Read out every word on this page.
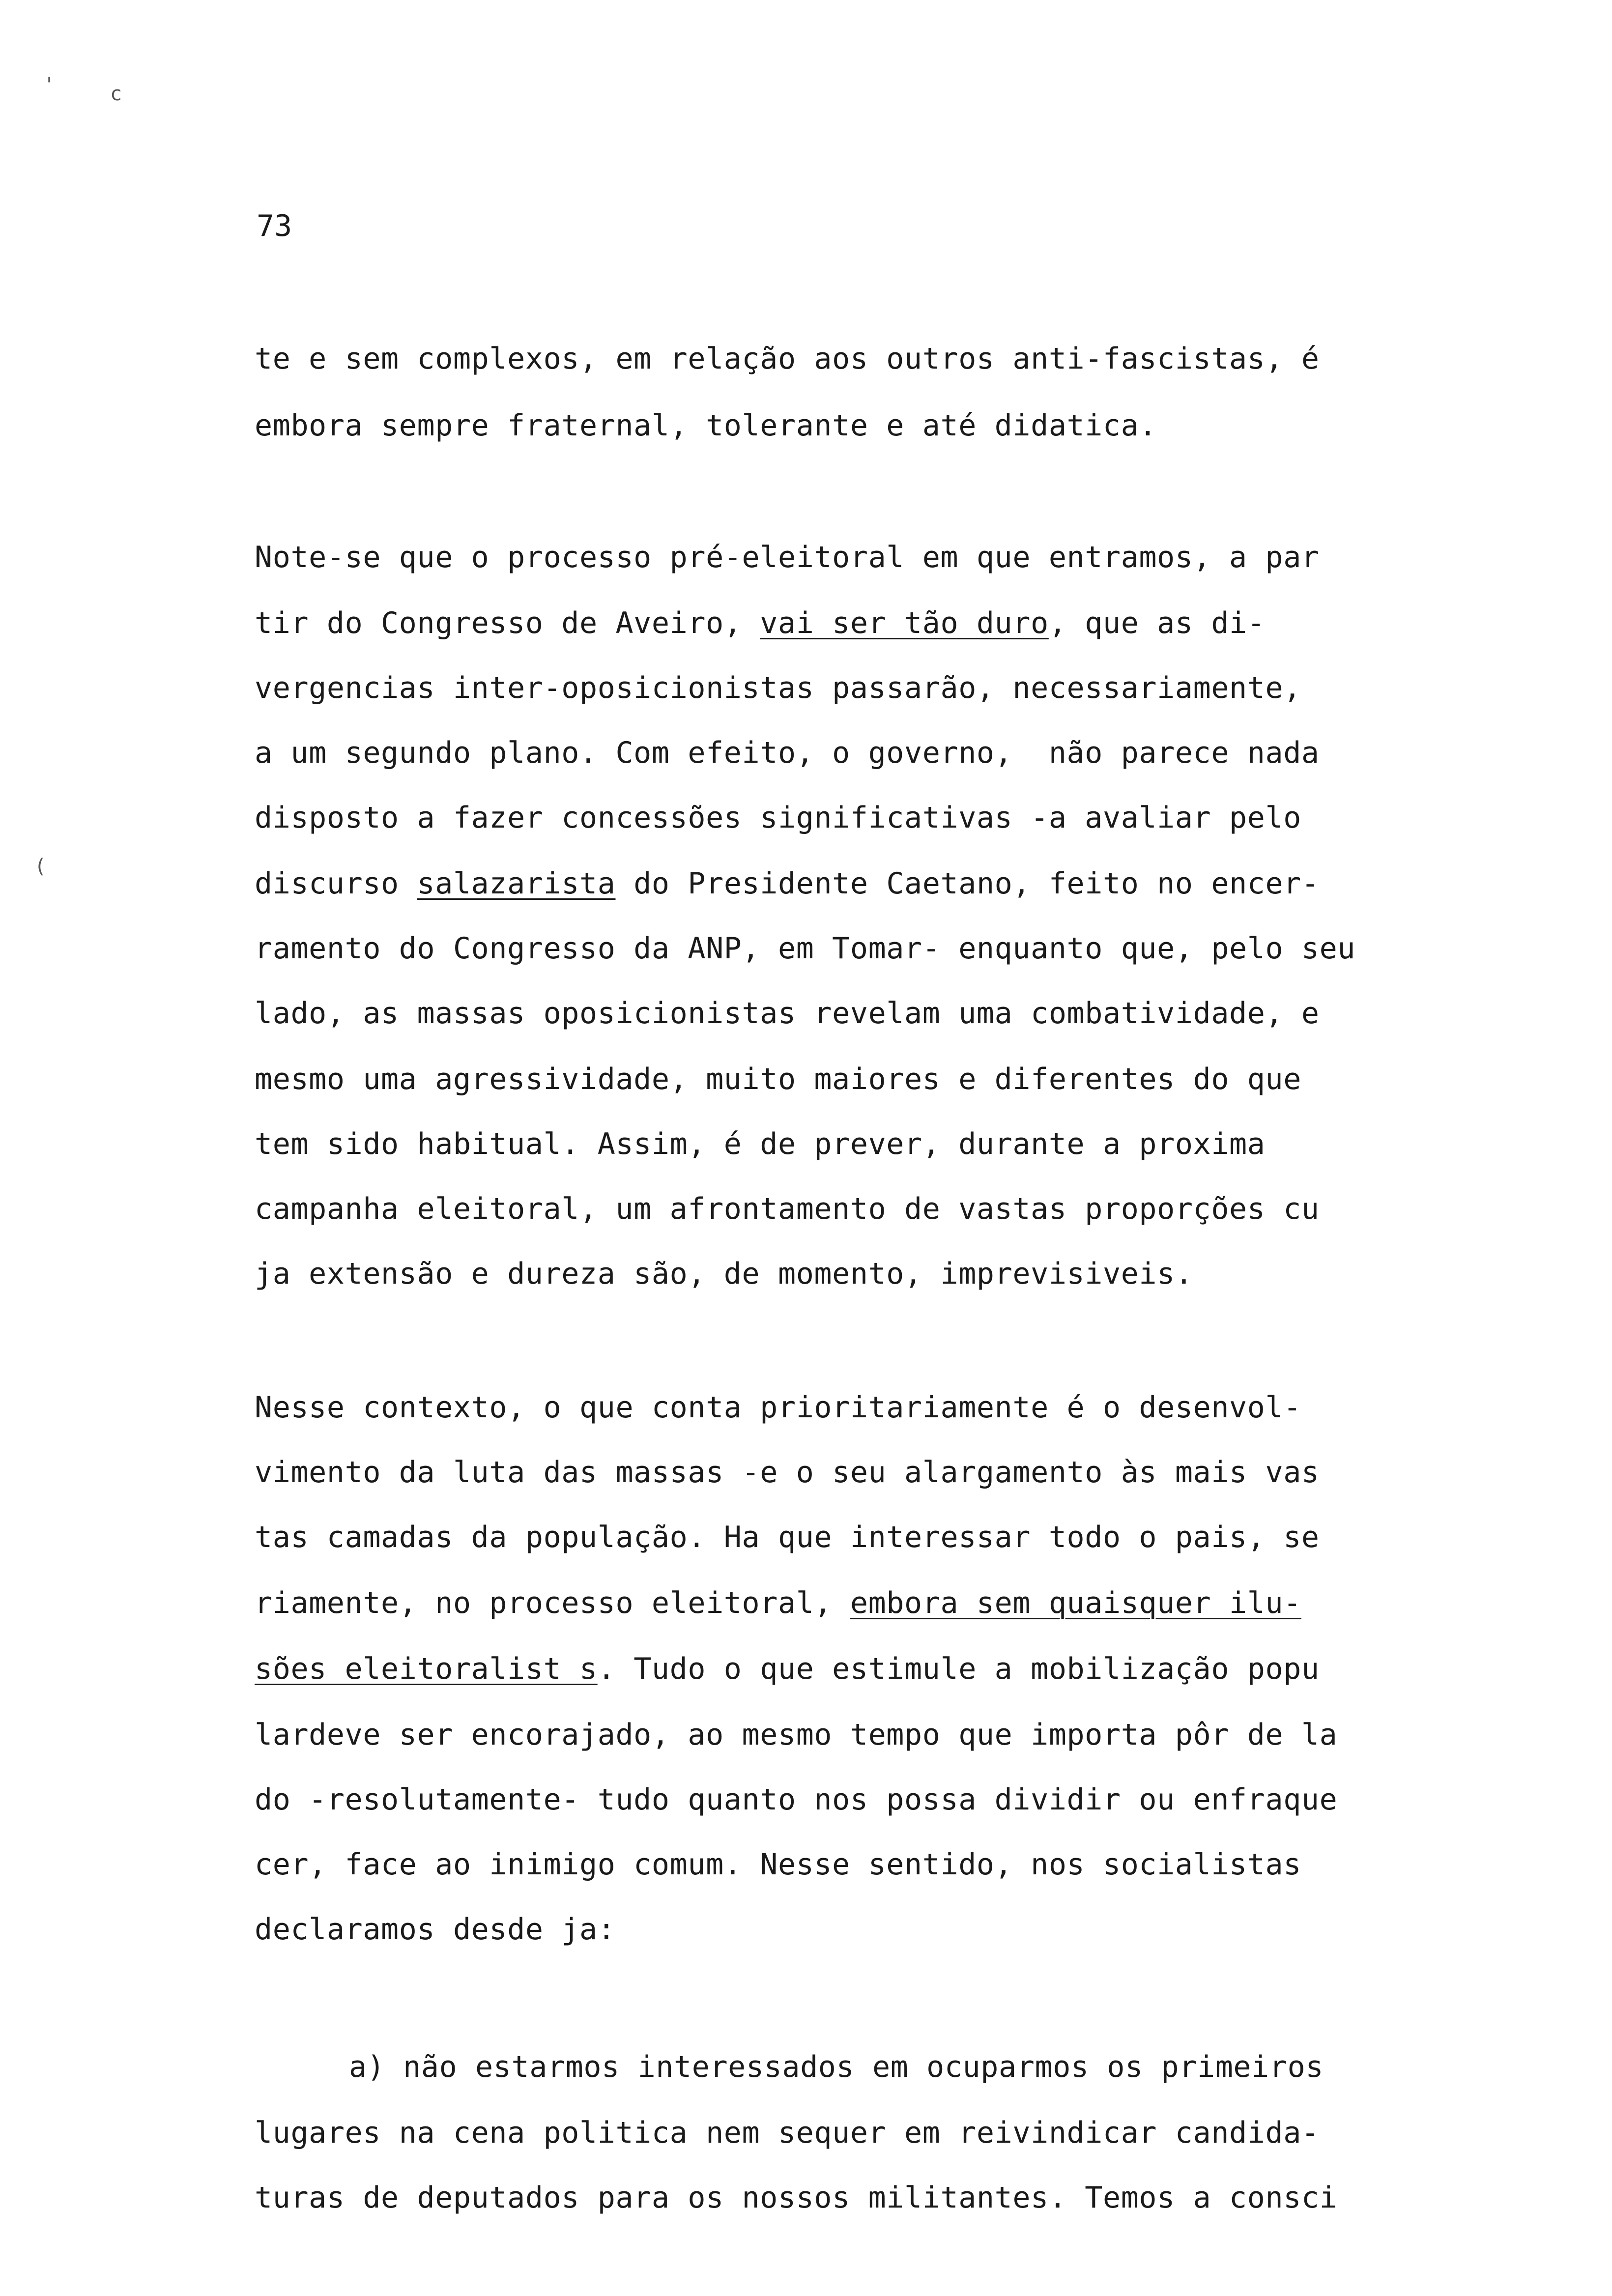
'	c
(
73
te e sem complexos, em relação aos outros anti-fascistas, é
embora sempre fraternal, tolerante e até didatica.
Note-se que o processo pré-eleitoral em que entramos, a par
tir do Congresso de Aveiro, vai ser tão duro, que as di-
vergencias inter-oposicionistas passarão, necessariamente,
a um segundo plano. Com efeito, o governo,  não parece nada
disposto a fazer concessões significativas -a avaliar pelo
discurso salazarista do Presidente Caetano, feito no encer-
ramento do Congresso da ANP, em Tomar- enquanto que, pelo seu
lado, as massas oposicionistas revelam uma combatividade, e
mesmo uma agressividade, muito maiores e diferentes do que
tem sido habitual. Assim, é de prever, durante a proxima
campanha eleitoral, um afrontamento de vastas proporções cu
ja extensão e dureza são, de momento, imprevisiveis.
Nesse contexto, o que conta prioritariamente é o desenvol-
vimento da luta das massas -e o seu alargamento às mais vas
tas camadas da população. Ha que interessar todo o pais, se
riamente, no processo eleitoral, embora sem quaisquer ilu-
sões eleitoralist s. Tudo o que estimule a mobilização popu
lardeve ser encorajado, ao mesmo tempo que importa pôr de la
do -resolutamente- tudo quanto nos possa dividir ou enfraque
cer, face ao inimigo comum. Nesse sentido, nos socialistas
declaramos desde ja:
a) não estarmos interessados em ocuparmos os primeiros
lugares na cena politica nem sequer em reivindicar candida-
turas de deputados para os nossos militantes. Temos a consci
